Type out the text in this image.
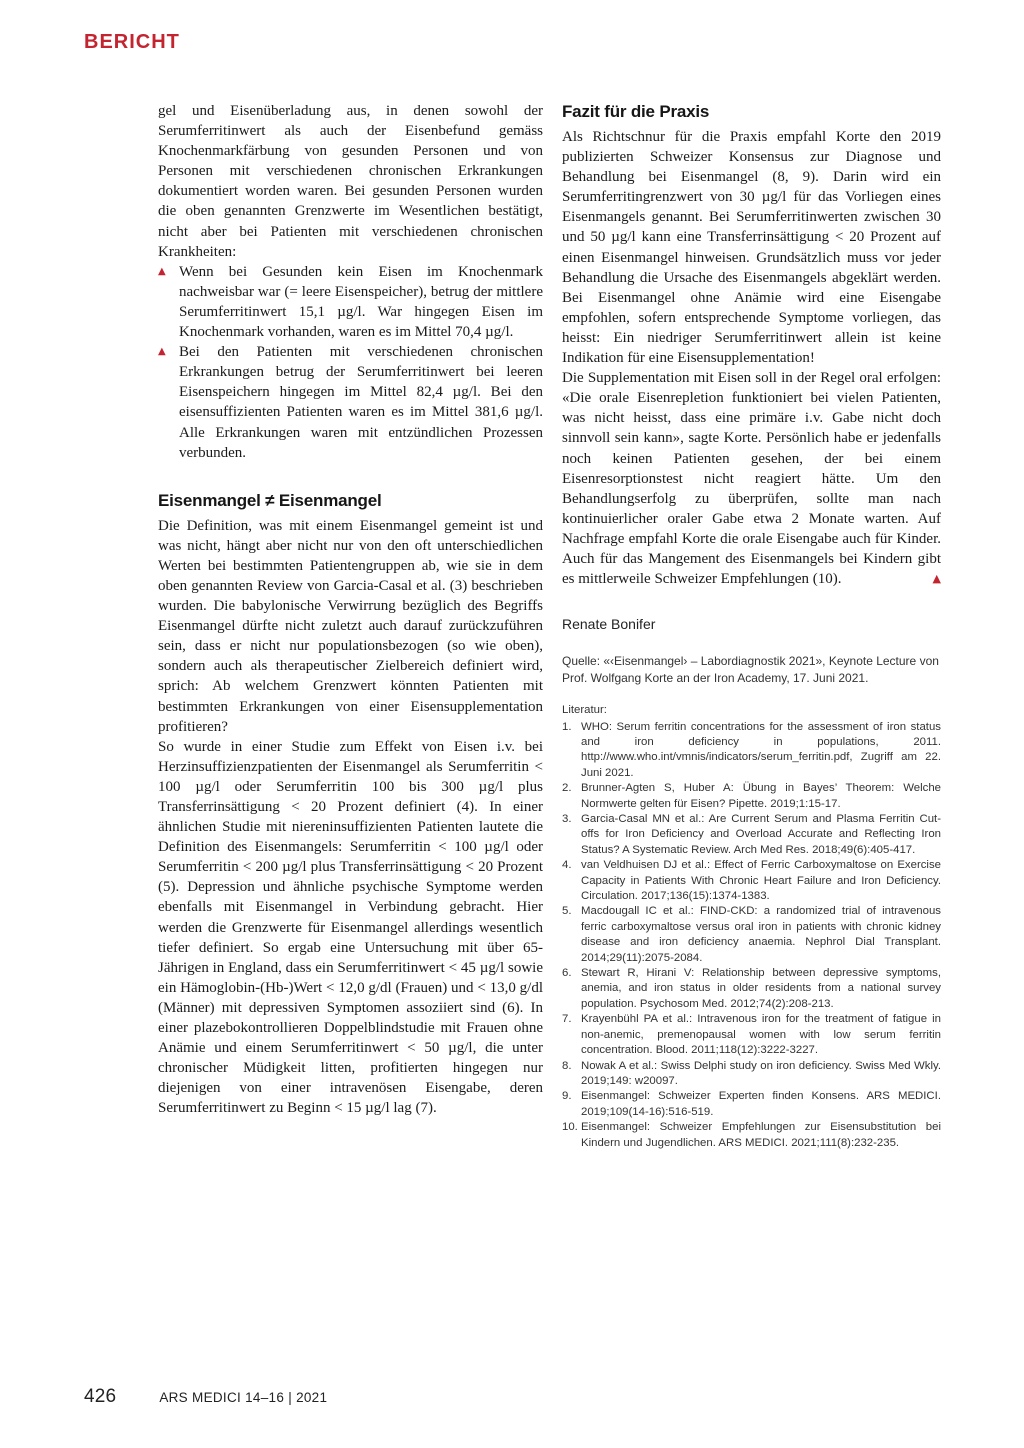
BERICHT

gel und Eisenüberladung aus, in denen sowohl der Serumferritinwert als auch der Eisenbefund gemäss Knochenmarkfärbung von gesunden Personen und von Personen mit verschiedenen chronischen Erkrankungen dokumentiert worden waren. Bei gesunden Personen wurden die oben genannten Grenzwerte im Wesentlichen bestätigt, nicht aber bei Patienten mit verschiedenen chronischen Krankheiten:

▲ Wenn bei Gesunden kein Eisen im Knochenmark nachweisbar war (= leere Eisenspeicher), betrug der mittlere Serumferritinwert 15,1 µg/l. War hingegen Eisen im Knochenmark vorhanden, waren es im Mittel 70,4 µg/l.
▲ Bei den Patienten mit verschiedenen chronischen Erkrankungen betrug der Serumferritinwert bei leeren Eisenspeichern hingegen im Mittel 82,4 µg/l. Bei den eisensuffizienten Patienten waren es im Mittel 381,6 µg/l. Alle Erkrankungen waren mit entzündlichen Prozessen verbunden.
Eisenmangel ≠ Eisenmangel

Die Definition, was mit einem Eisenmangel gemeint ist und was nicht, hängt aber nicht nur von den oft unterschiedlichen Werten bei bestimmten Patientengruppen ab, wie sie in dem oben genannten Review von Garcia-Casal et al. (3) beschrieben wurden. Die babylonische Verwirrung bezüglich des Begriffs Eisenmangel dürfte nicht zuletzt auch darauf zurückzuführen sein, dass er nicht nur populationsbezogen (so wie oben), sondern auch als therapeutischer Zielbereich definiert wird, sprich: Ab welchem Grenzwert könnten Patienten mit bestimmten Erkrankungen von einer Eisensupplementation profitieren?

So wurde in einer Studie zum Effekt von Eisen i.v. bei Herzinsuffizienzpatienten der Eisenmangel als Serumferritin < 100 µg/l oder Serumferritin 100 bis 300 µg/l plus Transferrinsättigung < 20 Prozent definiert (4). In einer ähnlichen Studie mit niereninsuffizienten Patienten lautete die Definition des Eisenmangels: Serumferritin < 100 µg/l oder Serumferritin < 200 µg/l plus Transferrinsättigung < 20 Prozent (5). Depression und ähnliche psychische Symptome werden ebenfalls mit Eisenmangel in Verbindung gebracht. Hier werden die Grenzwerte für Eisenmangel allerdings wesentlich tiefer definiert. So ergab eine Untersuchung mit über 65-Jährigen in England, dass ein Serumferritinwert < 45 µg/l sowie ein Hämoglobin-(Hb-)Wert < 12,0 g/dl (Frauen) und < 13,0 g/dl (Männer) mit depressiven Symptomen assoziiert sind (6). In einer plazebokontrollieren Doppelblindstudie mit Frauen ohne Anämie und einem Serumferritinwert < 50 µg/l, die unter chronischer Müdigkeit litten, profitierten hingegen nur diejenigen von einer intravenösen Eisengabe, deren Serumferritinwert zu Beginn < 15 µg/l lag (7).

Fazit für die Praxis

Als Richtschnur für die Praxis empfahl Korte den 2019 publizierten Schweizer Konsensus zur Diagnose und Behandlung bei Eisenmangel (8, 9). Darin wird ein Serumferritingrenzwert von 30 µg/l für das Vorliegen eines Eisenmangels genannt. Bei Serumferritinwerten zwischen 30 und 50 µg/l kann eine Transferrinsättigung < 20 Prozent auf einen Eisenmangel hinweisen. Grundsätzlich muss vor jeder Behandlung die Ursache des Eisenmangels abgeklärt werden. Bei Eisenmangel ohne Anämie wird eine Eisengabe empfohlen, sofern entsprechende Symptome vorliegen, das heisst: Ein niedriger Serumferritinwert allein ist keine Indikation für eine Eisensupplementation!

Die Supplementation mit Eisen soll in der Regel oral erfolgen: «Die orale Eisenrepletion funktioniert bei vielen Patienten, was nicht heisst, dass eine primäre i.v. Gabe nicht doch sinnvoll sein kann», sagte Korte. Persönlich habe er jedenfalls noch keinen Patienten gesehen, der bei einem Eisenresorptionstest nicht reagiert hätte. Um den Behandlungserfolg zu überprüfen, sollte man nach kontinuierlicher oraler Gabe etwa 2 Monate warten. Auf Nachfrage empfahl Korte die orale Eisengabe auch für Kinder. Auch für das Mangement des Eisenmangels bei Kindern gibt es mittlerweile Schweizer Empfehlungen (10).	▲

Renate Bonifer
Quelle: «‹Eisenmangel› – Labordiagnostik 2021», Keynote Lecture von Prof. Wolfgang Korte an der Iron Academy, 17. Juni 2021.
Literatur:
1. WHO: Serum ferritin concentrations for the assessment of iron status and iron deficiency in populations, 2011. http://www.who.int/vmnis/indicators/serum_ferritin.pdf, Zugriff am 22. Juni 2021.
2. Brunner-Agten S, Huber A: Übung in Bayes’ Theorem: Welche Normwerte gelten für Eisen? Pipette. 2019;1:15-17.
3. Garcia-Casal MN et al.: Are Current Serum and Plasma Ferritin Cut-offs for Iron Deficiency and Overload Accurate and Reflecting Iron Status? A Systematic Review. Arch Med Res. 2018;49(6):405-417.
4. van Veldhuisen DJ et al.: Effect of Ferric Carboxymaltose on Exercise Capacity in Patients With Chronic Heart Failure and Iron Deficiency. Circulation. 2017;136(15):1374-1383.
5. Macdougall IC et al.: FIND-CKD: a randomized trial of intravenous ferric carboxymaltose versus oral iron in patients with chronic kidney disease and iron deficiency anaemia. Nephrol Dial Transplant. 2014;29(11):2075-2084.
6. Stewart R, Hirani V: Relationship between depressive symptoms, anemia, and iron status in older residents from a national survey population. Psychosom Med. 2012;74(2):208-213.
7. Krayenbühl PA et al.: Intravenous iron for the treatment of fatigue in non-anemic, premenopausal women with low serum ferritin concentration. Blood. 2011;118(12):3222-3227.
8. Nowak A et al.: Swiss Delphi study on iron deficiency. Swiss Med Wkly. 2019;149: w20097.
9. Eisenmangel: Schweizer Experten finden Konsens. ARS MEDICI. 2019;109(14-16):516-519.
10. Eisenmangel: Schweizer Empfehlungen zur Eisensubstitution bei Kindern und Jugendlichen. ARS MEDICI. 2021;111(8):232-235.
426	ARS MEDICI 14–16 | 2021
